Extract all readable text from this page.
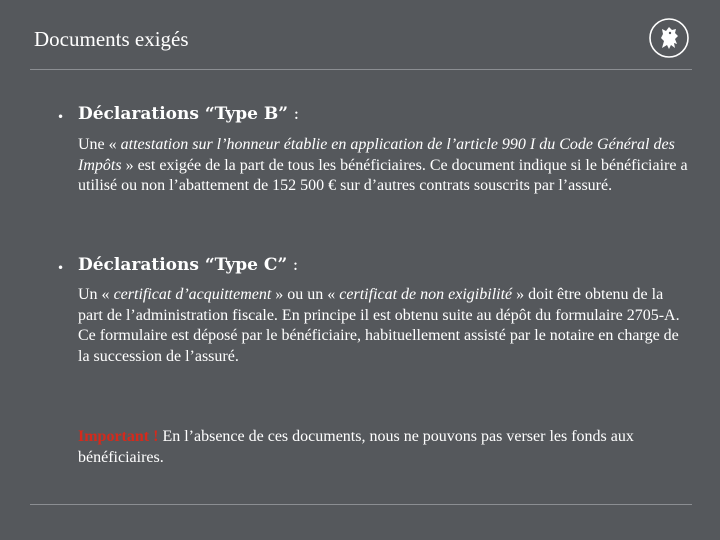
Documents exigés
• Déclarations “Type B” :
Une « attestation sur l’honneur établie en application de l’article 990 I du Code Général des Impôts » est exigée de la part de tous les bénéficiaires. Ce document indique si le bénéficiaire a utilisé ou non l’abattement de 152 500 € sur d’autres contrats souscrits par l’assuré.
• Déclarations “Type C” :
Un « certificat d’acquittement » ou un « certificat de non exigibilité » doit être obtenu de la part de l’administration fiscale. En principe il est obtenu suite au dépôt du formulaire 2705-A. Ce formulaire est déposé par le bénéficiaire, habituellement assisté par le notaire en charge de la succession de l’assuré.
Important ! En l’absence de ces documents, nous ne pouvons pas verser les fonds aux bénéficiaires.
